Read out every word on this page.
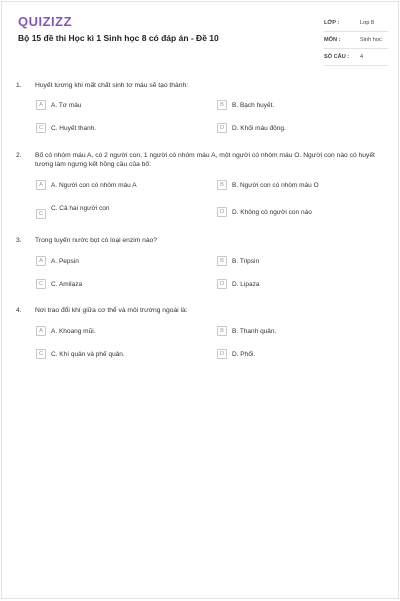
QUIZIZZ
Bộ 15 đề thi Học kì 1 Sinh học 8 có đáp án - Đề 10
LỚP :	Lop 8
MÔN :	Sinh học
SỐ CÂU :	4
1.	Huyết tương khi mất chất sinh tơ máu sẽ tạo thành:
A	A. Tơ máu	B	B. Bạch huyết.
C	C. Huyết thanh.	D	D. Khối máu đông.
2.	Bố có nhóm máu A, có 2 người con, 1 người có nhóm máu A, một người có nhóm máu O. Người con nào có huyết tương làm ngưng kết hồng cầu của bố:
A	A. Người con có nhóm máu A	B	B. Người con có nhóm máu O
C
C. Cả hai người con	D	D. Không có người con nào
3.	Trong tuyến nước bọt có loại enzim nào?
A	A. Pepsin	B	B. Tripsin
C	C. Amilaza	D	D. Lipaza
4.	Nơi trao đổi khí giữa cơ thể và môi trường ngoài là:
A	A. Khoang mũi.	B	B. Thanh quản.
C	C. Khí quản và phế quản.	D	D. Phổi.
